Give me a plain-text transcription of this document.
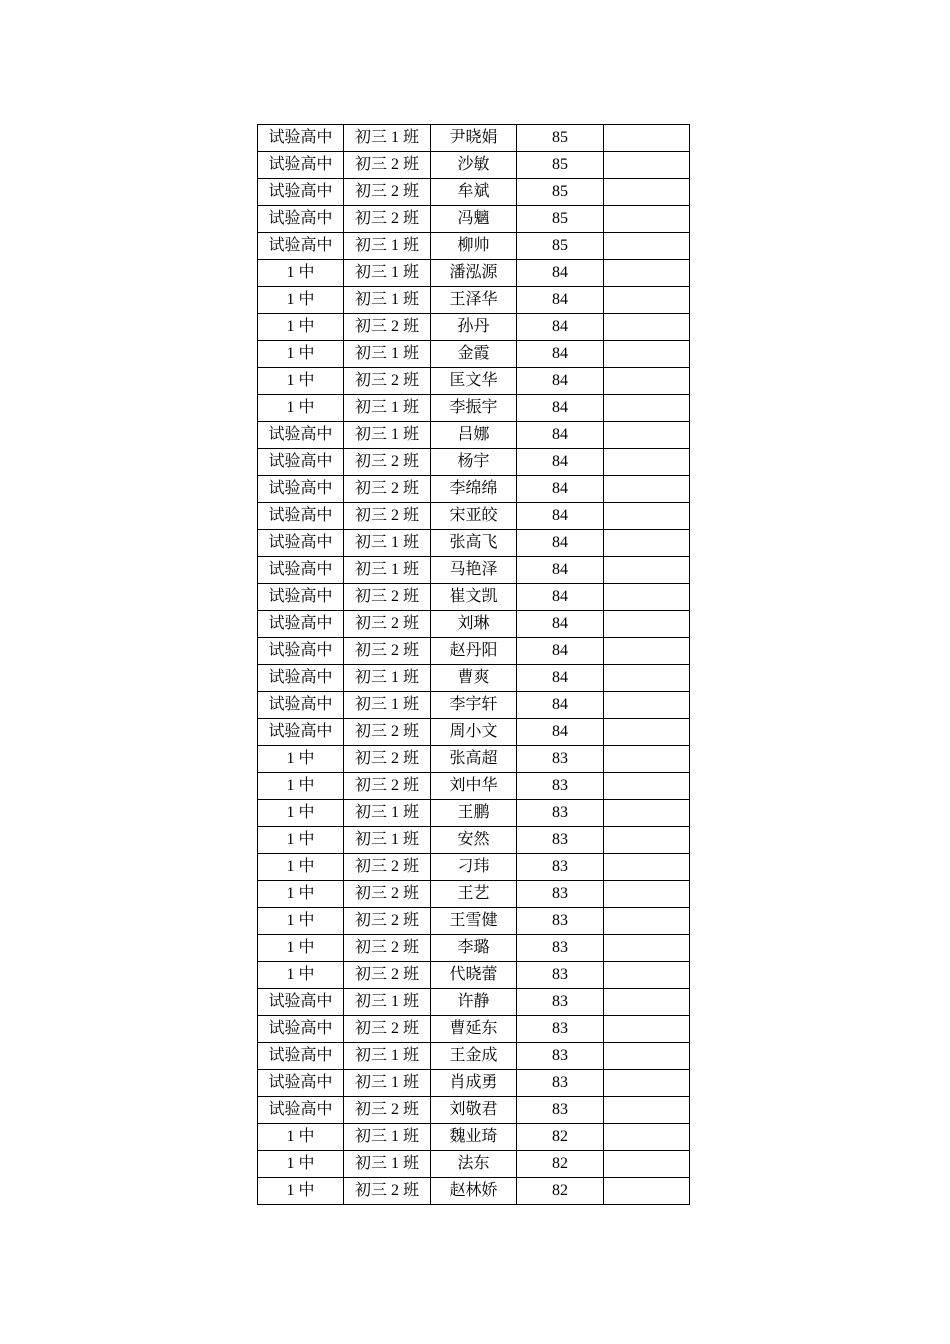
试验高中	初三 1 班	尹晓娟	85	
试验高中	初三 2 班	沙敏	85	
试验高中	初三 2 班	牟斌	85	
试验高中	初三 2 班	冯魑	85	
试验高中	初三 1 班	柳帅	85	
1 中	初三 1 班	潘泓源	84	
1 中	初三 1 班	王泽华	84	
1 中	初三 2 班	孙丹	84	
1 中	初三 1 班	金霞	84	
1 中	初三 2 班	匡文华	84	
1 中	初三 1 班	李振宇	84	
试验高中	初三 1 班	吕娜	84	
试验高中	初三 2 班	杨宇	84	
试验高中	初三 2 班	李绵绵	84	
试验高中	初三 2 班	宋亚皎	84	
试验高中	初三 1 班	张高飞	84	
试验高中	初三 1 班	马艳泽	84	
试验高中	初三 2 班	崔文凯	84	
试验高中	初三 2 班	刘琳	84	
试验高中	初三 2 班	赵丹阳	84	
试验高中	初三 1 班	曹爽	84	
试验高中	初三 1 班	李宇轩	84	
试验高中	初三 2 班	周小文	84	
1 中	初三 2 班	张高超	83	
1 中	初三 2 班	刘中华	83	
1 中	初三 1 班	王鹏	83	
1 中	初三 1 班	安然	83	
1 中	初三 2 班	刁玮	83	
1 中	初三 2 班	王艺	83	
1 中	初三 2 班	王雪健	83	
1 中	初三 2 班	李璐	83	
1 中	初三 2 班	代晓蕾	83	
试验高中	初三 1 班	许静	83	
试验高中	初三 2 班	曹延东	83	
试验高中	初三 1 班	王金成	83	
试验高中	初三 1 班	肖成勇	83	
试验高中	初三 2 班	刘敬君	83	
1 中	初三 1 班	魏业琦	82	
1 中	初三 1 班	法东	82	
1 中	初三 2 班	赵林娇	82	
